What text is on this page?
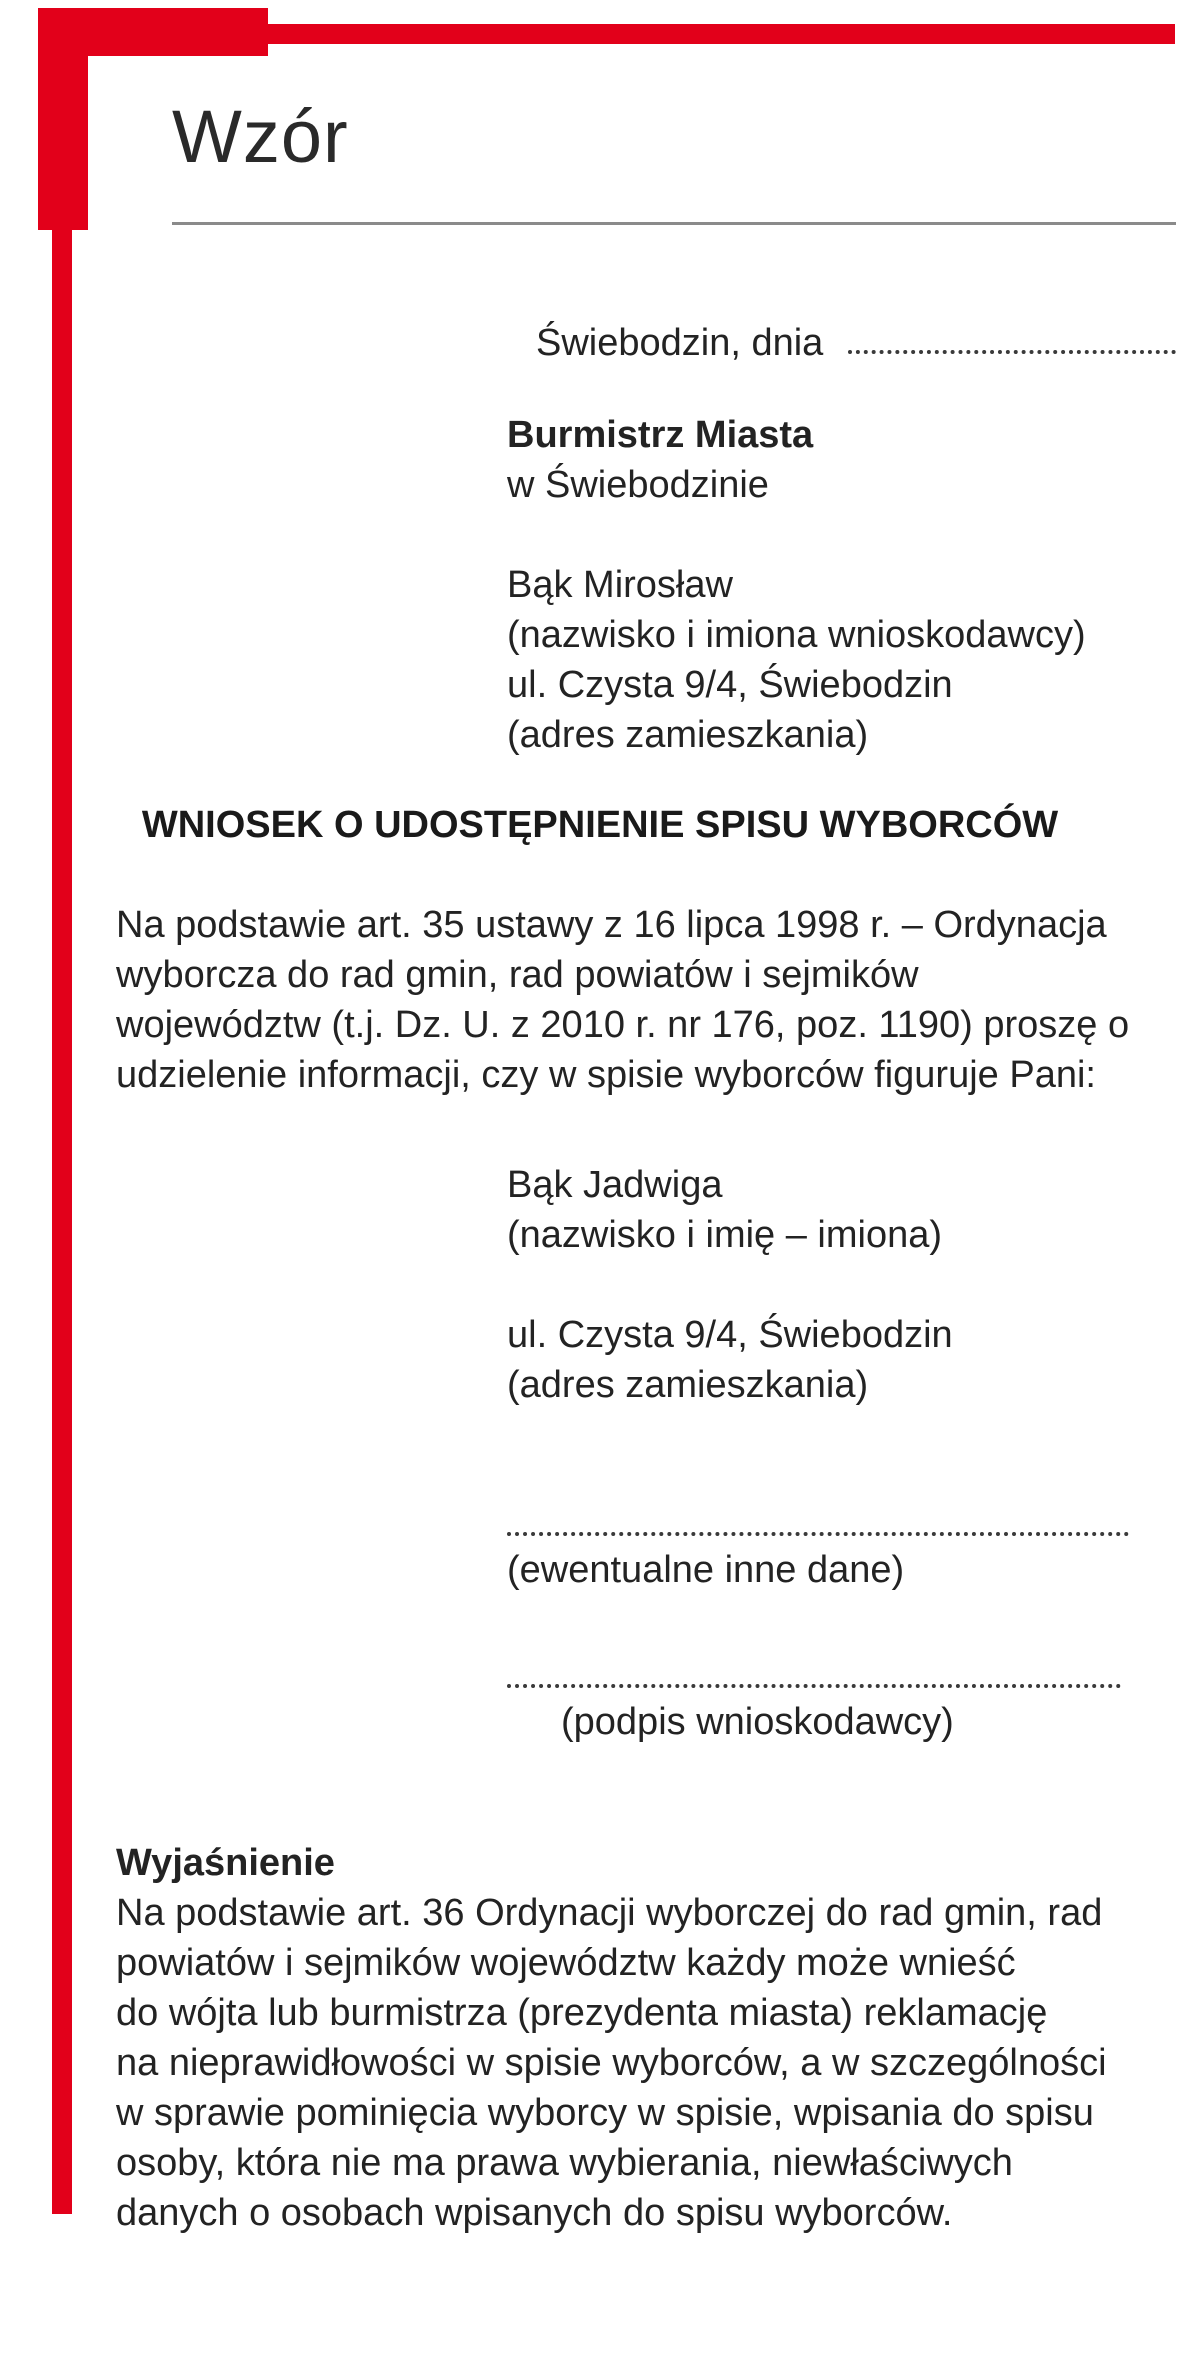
Wzór
Świebodzin, dnia
Burmistrz Miasta
w Świebodzinie
Bąk Mirosław
(nazwisko i imiona wnioskodawcy)
ul. Czysta 9/4, Świebodzin
(adres zamieszkania)
WNIOSEK O UDOSTĘPNIENIE SPISU WYBORCÓW
Na podstawie art. 35 ustawy z 16 lipca 1998 r. – Ordynacja
wyborcza do rad gmin, rad powiatów i sejmików
województw (t.j. Dz. U. z 2010 r. nr 176, poz. 1190) proszę o
udzielenie informacji, czy w spisie wyborców figuruje Pani:
Bąk Jadwiga
(nazwisko i imię – imiona)
ul. Czysta 9/4, Świebodzin
(adres zamieszkania)
(ewentualne inne dane)
(podpis wnioskodawcy)
Wyjaśnienie
Na podstawie art. 36 Ordynacji wyborczej do rad gmin, rad
powiatów i sejmików województw każdy może wnieść
do wójta lub burmistrza (prezydenta miasta) reklamację
na nieprawidłowości w spisie wyborców, a w szczególności
w sprawie pominięcia wyborcy w spisie, wpisania do spisu
osoby, która nie ma prawa wybierania, niewłaściwych
danych o osobach wpisanych do spisu wyborców.
